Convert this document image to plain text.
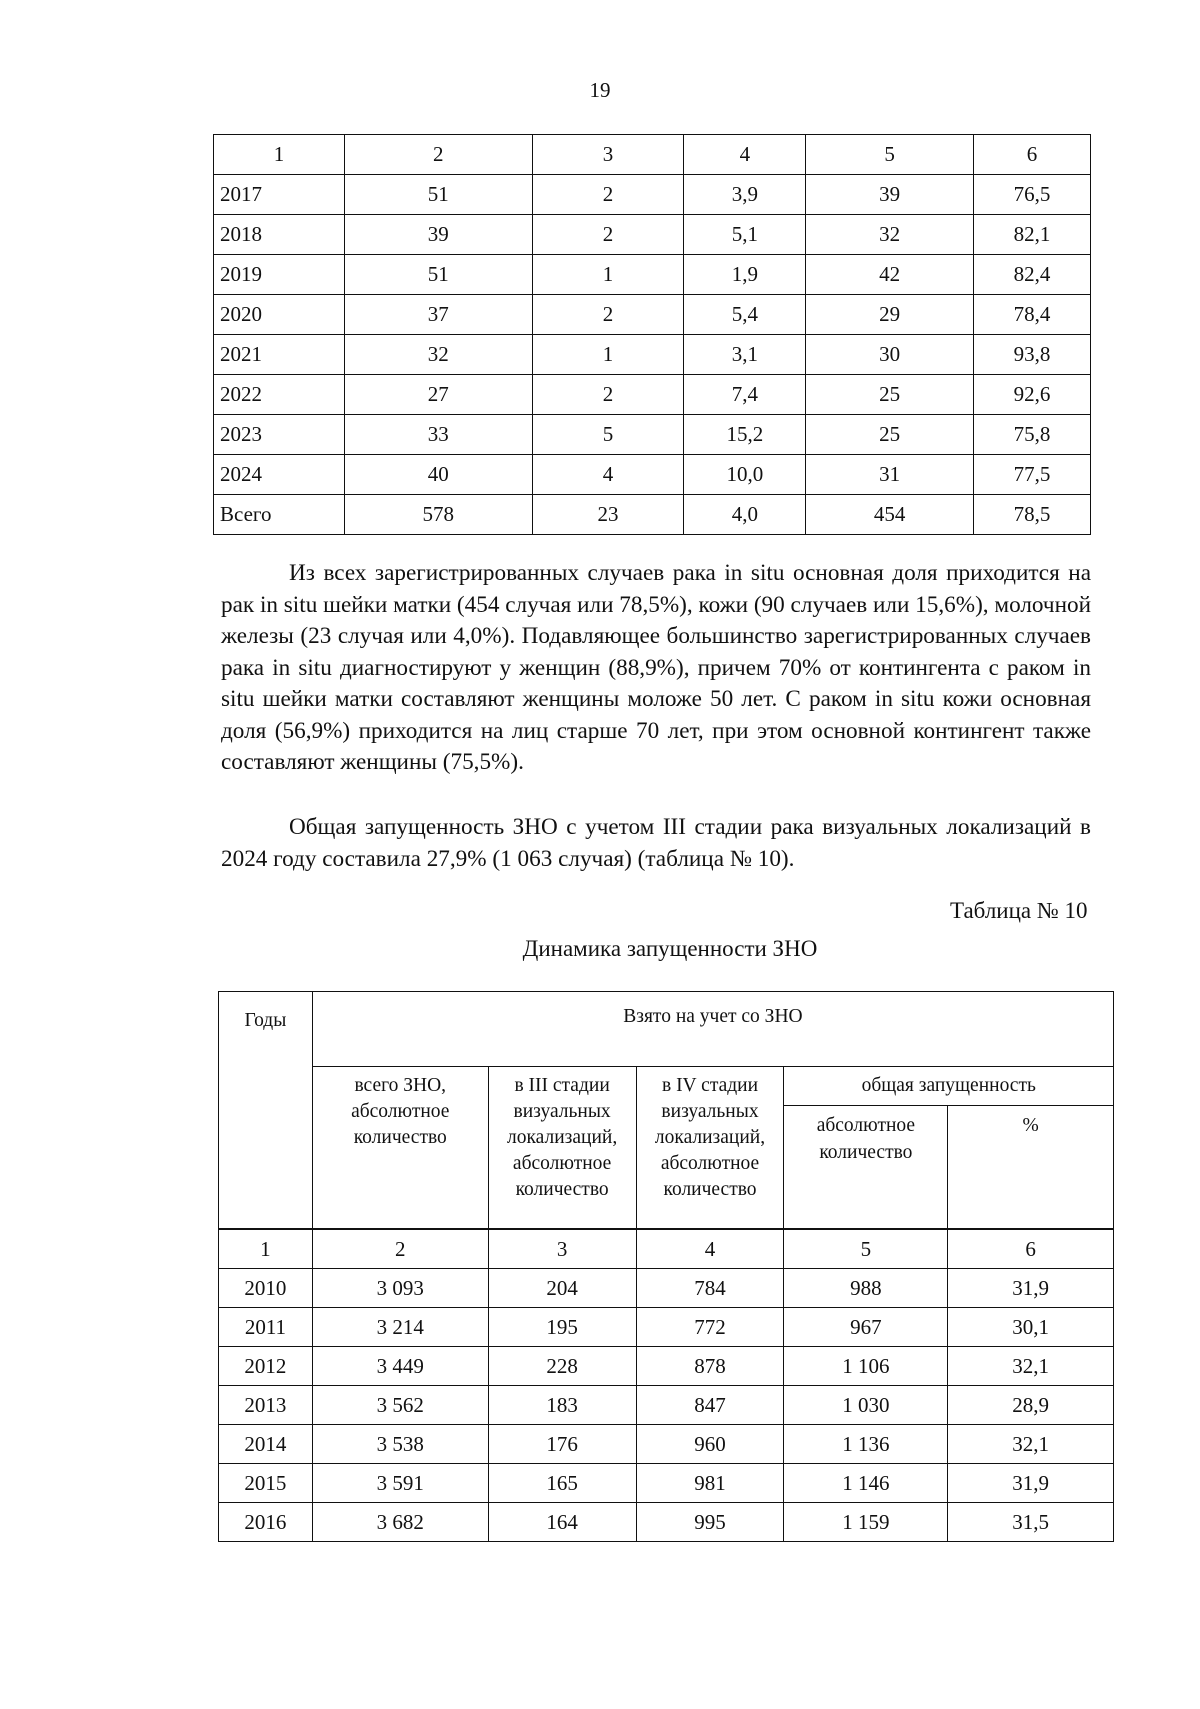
19
1	2	3	4	5	6
2017	51	2	3,9	39	76,5
2018	39	2	5,1	32	82,1
2019	51	1	1,9	42	82,4
2020	37	2	5,4	29	78,4
2021	32	1	3,1	30	93,8
2022	27	2	7,4	25	92,6
2023	33	5	15,2	25	75,8
2024	40	4	10,0	31	77,5
Всего	578	23	4,0	454	78,5

Из всех зарегистрированных случаев рака in situ основная доля приходится на рак in situ шейки матки (454 случая или 78,5%), кожи (90 случаев или 15,6%), молочной железы (23 случая или 4,0%). Подавляющее большинство зарегистрированных случаев рака in situ диагностируют у женщин (88,9%), причем 70% от контингента с раком in situ шейки матки составляют женщины моложе 50 лет. С раком in situ кожи основная доля (56,9%) приходится на лиц старше 70 лет, при этом основной контингент также составляют женщины (75,5%).

Общая запущенность ЗНО с учетом III стадии рака визуальных локализаций в 2024 году составила 27,9% (1 063 случая) (таблица № 10).

Таблица № 10
Динамика запущенности ЗНО
Годы	Взято на учет со ЗНО				
	всего ЗНО, абсолютное количество	в III стадии визуальных локализаций, абсолютное количество	в IV стадии визуальных локализаций, абсолютное количество	общая запущенность	
				абсолютное количество	%
1	2	3	4	5	6
2010	3 093	204	784	988	31,9
2011	3 214	195	772	967	30,1
2012	3 449	228	878	1 106	32,1
2013	3 562	183	847	1 030	28,9
2014	3 538	176	960	1 136	32,1
2015	3 591	165	981	1 146	31,9
2016	3 682	164	995	1 159	31,5
